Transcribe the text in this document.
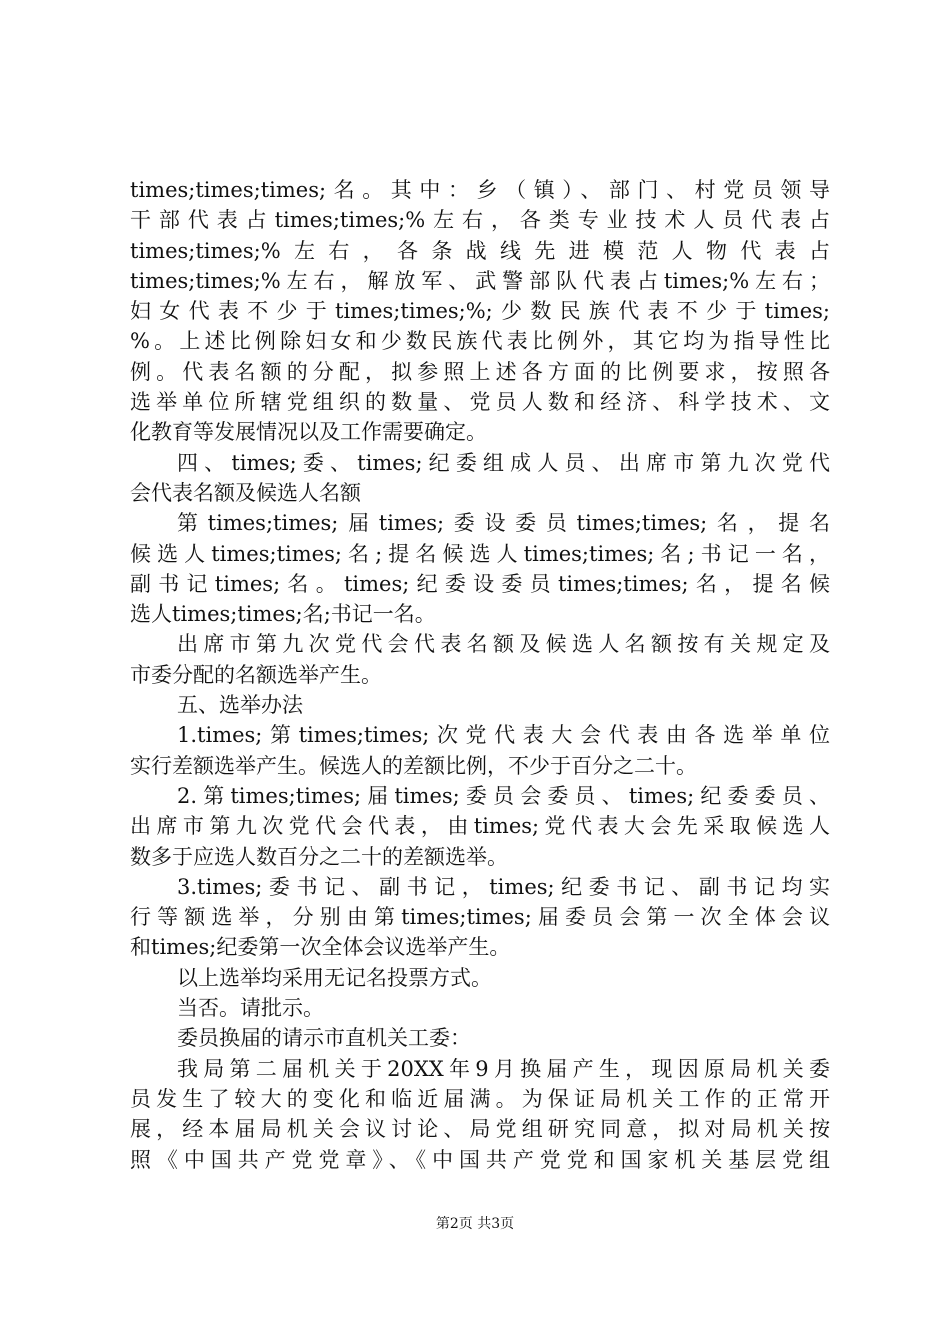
times;times;times;名。其中：乡（镇）、部门、村党员领导
干部代表占times;times;%左右，各类专业技术人员代表占
times;times;%左右，各条战线先进模范人物代表占
times;times;%左右，解放军、武警部队代表占times;%左右；
妇女代表不少于times;times;%;少数民族代表不少于times;
%。上述比例除妇女和少数民族代表比例外，其它均为指导性比
例。代表名额的分配，拟参照上述各方面的比例要求，按照各
选举单位所辖党组织的数量、党员人数和经济、科学技术、文
化教育等发展情况以及工作需要确定。
四、times;委、times;纪委组成人员、出席市第九次党代
会代表名额及候选人名额
第times;times;届times;委设委员times;times;名，提名
候选人times;times;名;提名候选人times;times;名;书记一名，
副书记times;名。times;纪委设委员times;times;名，提名候
选人times;times;名;书记一名。
出席市第九次党代会代表名额及候选人名额按有关规定及
市委分配的名额选举产生。
五、选举办法
1.times;第times;times;次党代表大会代表由各选举单位
实行差额选举产生。候选人的差额比例，不少于百分之二十。
2.第times;times;届times;委员会委员、times;纪委委员、
出席市第九次党代会代表，由times;党代表大会先采取候选人
数多于应选人数百分之二十的差额选举。
3.times;委书记、副书记，times;纪委书记、副书记均实
行等额选举，分别由第times;times;届委员会第一次全体会议
和times;纪委第一次全体会议选举产生。
以上选举均采用无记名投票方式。
当否。请批示。
委员换届的请示市直机关工委：
我局第二届机关于20XX年9月换届产生，现因原局机关委
员发生了较大的变化和临近届满。为保证局机关工作的正常开
展，经本届局机关会议讨论、局党组研究同意，拟对局机关按
照《中国共产党党章》、《中国共产党党和国家机关基层党组
第2页 共3页
